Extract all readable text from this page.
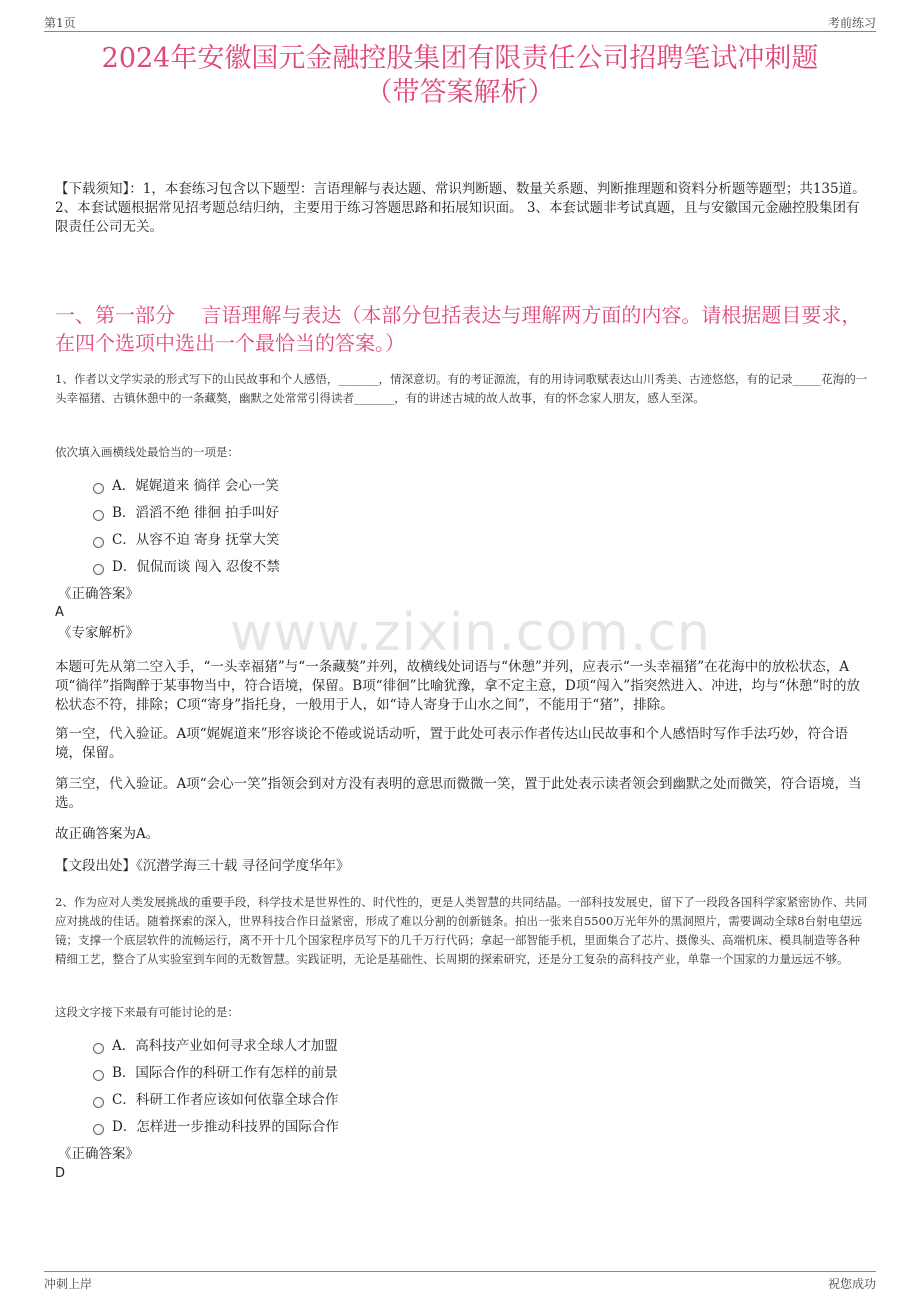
第1页	考前练习
www.zixin.com.cn
2024年安徽国元金融控股集团有限责任公司招聘笔试冲刺题
（带答案解析）
【下载须知】：1，本套练习包含以下题型：言语理解与表达题、常识判断题、数量关系题、判断推理题和资料分析题等题型；共135道。 2、本套试题根据常见招考题总结归纳，主要用于练习答题思路和拓展知识面。 3、本套试题非考试真题，且与安徽国元金融控股集团有限责任公司无关。
一、第一部分　 言语理解与表达（本部分包括表达与理解两方面的内容。请根据题目要求，在四个选项中选出一个最恰当的答案。）
1、作者以文学实录的形式写下的山民故事和个人感悟，_______，情深意切。有的考证源流，有的用诗词歌赋表达山川秀美、古迹悠悠，有的记录_____花海的一头幸福猪、古镇休憩中的一条藏獒，幽默之处常常引得读者_______，有的讲述古城的故人故事，有的怀念家人朋友，感人至深。
依次填入画横线处最恰当的一项是：
A．娓娓道来 徜徉 会心一笑
B．滔滔不绝 徘徊 拍手叫好
C．从容不迫 寄身 抚掌大笑
D．侃侃而谈 闯入 忍俊不禁
《正确答案》
A
《专家解析》
本题可先从第二空入手，“一头幸福猪”与“一条藏獒”并列，故横线处词语与“休憩”并列，应表示“一头幸福猪”在花海中的放松状态，A项“徜徉”指陶醉于某事物当中，符合语境，保留。B项“徘徊”比喻犹豫，拿不定主意，D项“闯入”指突然进入、冲进，均与“休憩”时的放松状态不符，排除；C项“寄身”指托身，一般用于人，如“诗人寄身于山水之间”，不能用于“猪”，排除。
第一空，代入验证。A项“娓娓道来”形容谈论不倦或说话动听，置于此处可表示作者传达山民故事和个人感悟时写作手法巧妙，符合语境，保留。
第三空，代入验证。A项“会心一笑”指领会到对方没有表明的意思而微微一笑，置于此处表示读者领会到幽默之处而微笑，符合语境，当选。
故正确答案为A。
【文段出处】《沉潜学海三十载 寻径问学度华年》
2、作为应对人类发展挑战的重要手段，科学技术是世界性的、时代性的，更是人类智慧的共同结晶。一部科技发展史，留下了一段段各国科学家紧密协作、共同应对挑战的佳话。随着探索的深入，世界科技合作日益紧密，形成了难以分割的创新链条。拍出一张来自5500万光年外的黑洞照片，需要调动全球8台射电望远镜；支撑一个底层软件的流畅运行，离不开十几个国家程序员写下的几千万行代码；拿起一部智能手机，里面集合了芯片、摄像头、高端机床、模具制造等各种精细工艺，整合了从实验室到车间的无数智慧。实践证明，无论是基础性、长周期的探索研究，还是分工复杂的高科技产业，单靠一个国家的力量远远不够。
这段文字接下来最有可能讨论的是：
A．高科技产业如何寻求全球人才加盟
B．国际合作的科研工作有怎样的前景
C．科研工作者应该如何依靠全球合作
D．怎样进一步推动科技界的国际合作
《正确答案》
D
冲刺上岸	祝您成功
